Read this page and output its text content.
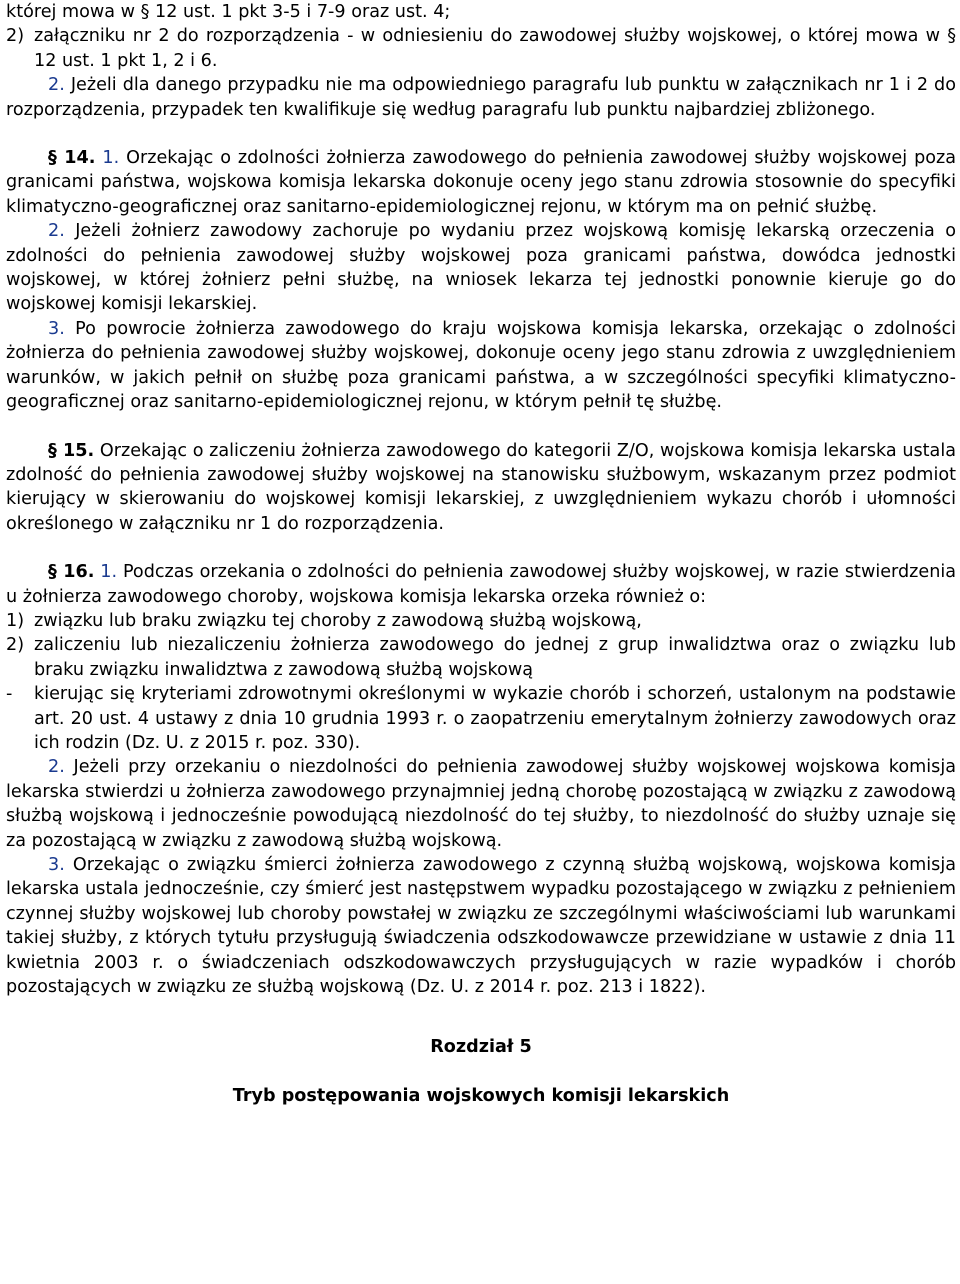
której mowa w § 12 ust. 1 pkt 3-5 i 7-9 oraz ust. 4;

2) załączniku nr 2 do rozporządzenia - w odniesieniu do zawodowej służby wojskowej, o której mowa w § 12 ust. 1 pkt 1, 2 i 6.

2. Jeżeli dla danego przypadku nie ma odpowiedniego paragrafu lub punktu w załącznikach nr 1 i 2 do rozporządzenia, przypadek ten kwalifikuje się według paragrafu lub punktu najbardziej zbliżonego.

§ 14. 1. Orzekając o zdolności żołnierza zawodowego do pełnienia zawodowej służby wojskowej poza granicami państwa, wojskowa komisja lekarska dokonuje oceny jego stanu zdrowia stosownie do specyfiki klimatyczno-geograficznej oraz sanitarno-epidemiologicznej rejonu, w którym ma on pełnić służbę.

2. Jeżeli żołnierz zawodowy zachoruje po wydaniu przez wojskową komisję lekarską orzeczenia o zdolności do pełnienia zawodowej służby wojskowej poza granicami państwa, dowódca jednostki wojskowej, w której żołnierz pełni służbę, na wniosek lekarza tej jednostki ponownie kieruje go do wojskowej komisji lekarskiej.

3. Po powrocie żołnierza zawodowego do kraju wojskowa komisja lekarska, orzekając o zdolności żołnierza do pełnienia zawodowej służby wojskowej, dokonuje oceny jego stanu zdrowia z uwzględnieniem warunków, w jakich pełnił on służbę poza granicami państwa, a w szczególności specyfiki klimatyczno-geograficznej oraz sanitarno-epidemiologicznej rejonu, w którym pełnił tę służbę.

§ 15. Orzekając o zaliczeniu żołnierza zawodowego do kategorii Z/O, wojskowa komisja lekarska ustala zdolność do pełnienia zawodowej służby wojskowej na stanowisku służbowym, wskazanym przez podmiot kierujący w skierowaniu do wojskowej komisji lekarskiej, z uwzględnieniem wykazu chorób i ułomności określonego w załączniku nr 1 do rozporządzenia.

§ 16. 1. Podczas orzekania o zdolności do pełnienia zawodowej służby wojskowej, w razie stwierdzenia u żołnierza zawodowego choroby, wojskowa komisja lekarska orzeka również o:

1) związku lub braku związku tej choroby z zawodową służbą wojskową,
2) zaliczeniu lub niezaliczeniu żołnierza zawodowego do jednej z grup inwalidztwa oraz o związku lub braku związku inwalidztwa z zawodową służbą wojskową
- kierując się kryteriami zdrowotnymi określonymi w wykazie chorób i schorzeń, ustalonym na podstawie art. 20 ust. 4 ustawy z dnia 10 grudnia 1993 r. o zaopatrzeniu emerytalnym żołnierzy zawodowych oraz ich rodzin (Dz. U. z 2015 r. poz. 330).

2. Jeżeli przy orzekaniu o niezdolności do pełnienia zawodowej służby wojskowej wojskowa komisja lekarska stwierdzi u żołnierza zawodowego przynajmniej jedną chorobę pozostającą w związku z zawodową służbą wojskową i jednocześnie powodującą niezdolność do tej służby, to niezdolność do służby uznaje się za pozostającą w związku z zawodową służbą wojskową.

3. Orzekając o związku śmierci żołnierza zawodowego z czynną służbą wojskową, wojskowa komisja lekarska ustala jednocześnie, czy śmierć jest następstwem wypadku pozostającego w związku z pełnieniem czynnej służby wojskowej lub choroby powstałej w związku ze szczególnymi właściwościami lub warunkami takiej służby, z których tytułu przysługują świadczenia odszkodowawcze przewidziane w ustawie z dnia 11 kwietnia 2003 r. o świadczeniach odszkodowawczych przysługujących w razie wypadków i chorób pozostających w związku ze służbą wojskową (Dz. U. z 2014 r. poz. 213 i 1822).

Rozdział 5

Tryb postępowania wojskowych komisji lekarskich
